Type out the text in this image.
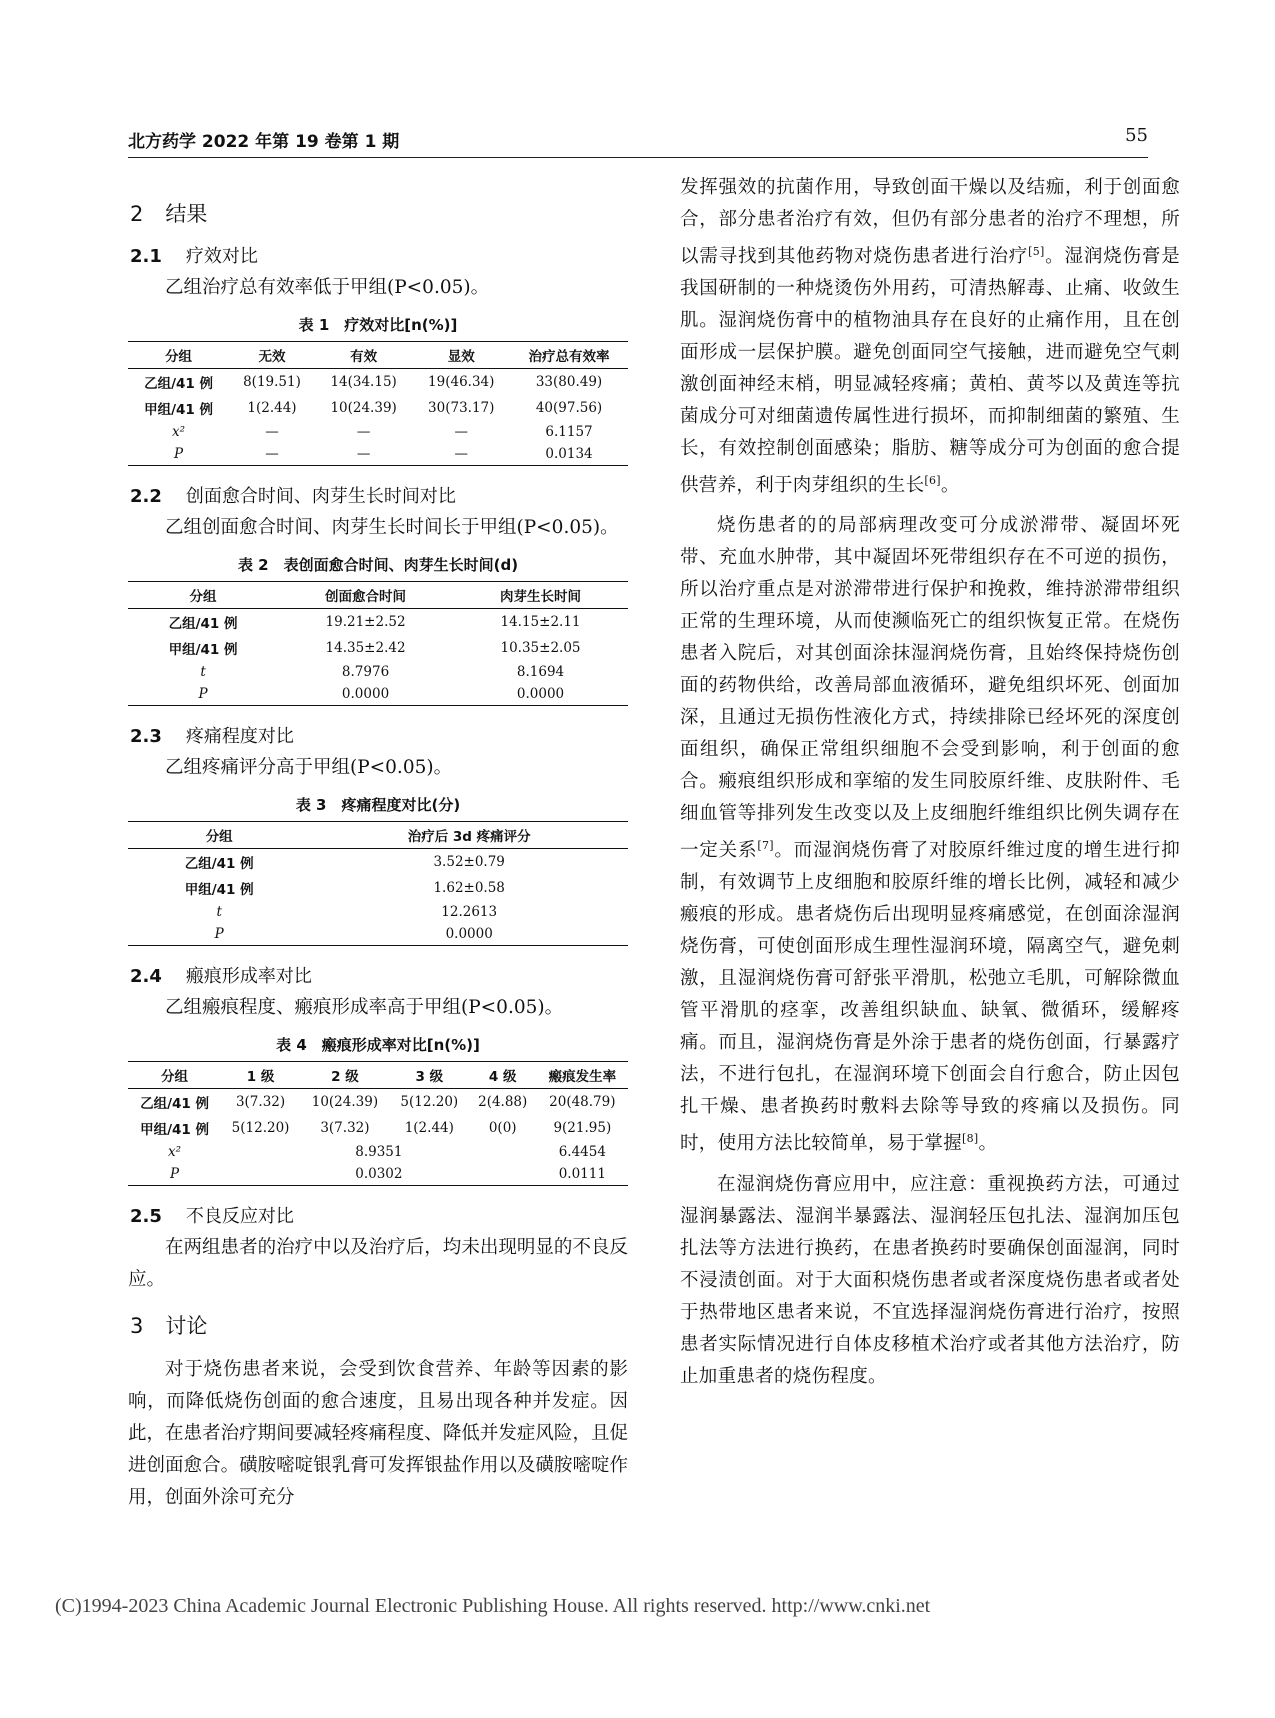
北方药学 2022 年第 19 卷第 1 期	55
2 结果
2.1 疗效对比

乙组治疗总有效率低于甲组(P<0.05)。

表 1　疗效对比[n(%)]
分组	无效	有效	显效	治疗总有效率
乙组/41 例	8(19.51)	14(34.15)	19(46.34)	33(80.49)
甲组/41 例	1(2.44)	10(24.39)	30(73.17)	40(97.56)
x²	—	—	—	6.1157
P	—	—	—	0.0134
2.2 创面愈合时间、肉芽生长时间对比

乙组创面愈合时间、肉芽生长时间长于甲组(P<0.05)。

表 2　表创面愈合时间、肉芽生长时间(d)
分组	创面愈合时间	肉芽生长时间
乙组/41 例	19.21±2.52	14.15±2.11
甲组/41 例	14.35±2.42	10.35±2.05
t	8.7976	8.1694
P	0.0000	0.0000
2.3 疼痛程度对比

乙组疼痛评分高于甲组(P<0.05)。

表 3　疼痛程度对比(分)
分组	治疗后 3d 疼痛评分
乙组/41 例	3.52±0.79
甲组/41 例	1.62±0.58
t	12.2613
P	0.0000
2.4 瘢痕形成率对比

乙组瘢痕程度、瘢痕形成率高于甲组(P<0.05)。

表 4　瘢痕形成率对比[n(%)]
分组	1 级	2 级	3 级	4 级	瘢痕发生率
乙组/41 例	3(7.32)	10(24.39)	5(12.20)	2(4.88)	20(48.79)
甲组/41 例	5(12.20)	3(7.32)	1(2.44)	0(0)	9(21.95)
x²	8.9351				6.4454
P	0.0302				0.0111
2.5 不良反应对比

在两组患者的治疗中以及治疗后，均未出现明显的不良反应。

3 讨论

对于烧伤患者来说，会受到饮食营养、年龄等因素的影响，而降低烧伤创面的愈合速度，且易出现各种并发症。因此，在患者治疗期间要减轻疼痛程度、降低并发症风险，且促进创面愈合。磺胺嘧啶银乳膏可发挥银盐作用以及磺胺嘧啶作用，创面外涂可充分

发挥强效的抗菌作用，导致创面干燥以及结痂，利于创面愈合，部分患者治疗有效，但仍有部分患者的治疗不理想，所以需寻找到其他药物对烧伤患者进行治疗[5]。湿润烧伤膏是我国研制的一种烧烫伤外用药，可清热解毒、止痛、收敛生肌。湿润烧伤膏中的植物油具存在良好的止痛作用，且在创面形成一层保护膜。避免创面同空气接触，进而避免空气刺激创面神经末梢，明显减轻疼痛；黄柏、黄芩以及黄连等抗菌成分可对细菌遗传属性进行损坏，而抑制细菌的繁殖、生长，有效控制创面感染；脂肪、糖等成分可为创面的愈合提供营养，利于肉芽组织的生长[6]。

烧伤患者的的局部病理改变可分成淤滞带、凝固坏死带、充血水肿带，其中凝固坏死带组织存在不可逆的损伤，所以治疗重点是对淤滞带进行保护和挽救，维持淤滞带组织正常的生理环境，从而使濒临死亡的组织恢复正常。在烧伤患者入院后，对其创面涂抹湿润烧伤膏，且始终保持烧伤创面的药物供给，改善局部血液循环，避免组织坏死、创面加深，且通过无损伤性液化方式，持续排除已经坏死的深度创面组织，确保正常组织细胞不会受到影响，利于创面的愈合。瘢痕组织形成和挛缩的发生同胶原纤维、皮肤附件、毛细血管等排列发生改变以及上皮细胞纤维组织比例失调存在一定关系[7]。而湿润烧伤膏了对胶原纤维过度的增生进行抑制，有效调节上皮细胞和胶原纤维的增长比例，减轻和减少瘢痕的形成。患者烧伤后出现明显疼痛感觉，在创面涂湿润烧伤膏，可使创面形成生理性湿润环境，隔离空气，避免刺激，且湿润烧伤膏可舒张平滑肌，松弛立毛肌，可解除微血管平滑肌的痉挛，改善组织缺血、缺氧、微循环，缓解疼痛。而且，湿润烧伤膏是外涂于患者的烧伤创面，行暴露疗法，不进行包扎，在湿润环境下创面会自行愈合，防止因包扎干燥、患者换药时敷料去除等导致的疼痛以及损伤。同时，使用方法比较简单，易于掌握[8]。

在湿润烧伤膏应用中，应注意：重视换药方法，可通过湿润暴露法、湿润半暴露法、湿润轻压包扎法、湿润加压包扎法等方法进行换药，在患者换药时要确保创面湿润，同时不浸渍创面。对于大面积烧伤患者或者深度烧伤患者或者处于热带地区患者来说，不宜选择湿润烧伤膏进行治疗，按照患者实际情况进行自体皮移植术治疗或者其他方法治疗，防止加重患者的烧伤程度。

(C)1994-2023 China Academic Journal Electronic Publishing House. All rights reserved. http://www.cnki.net
